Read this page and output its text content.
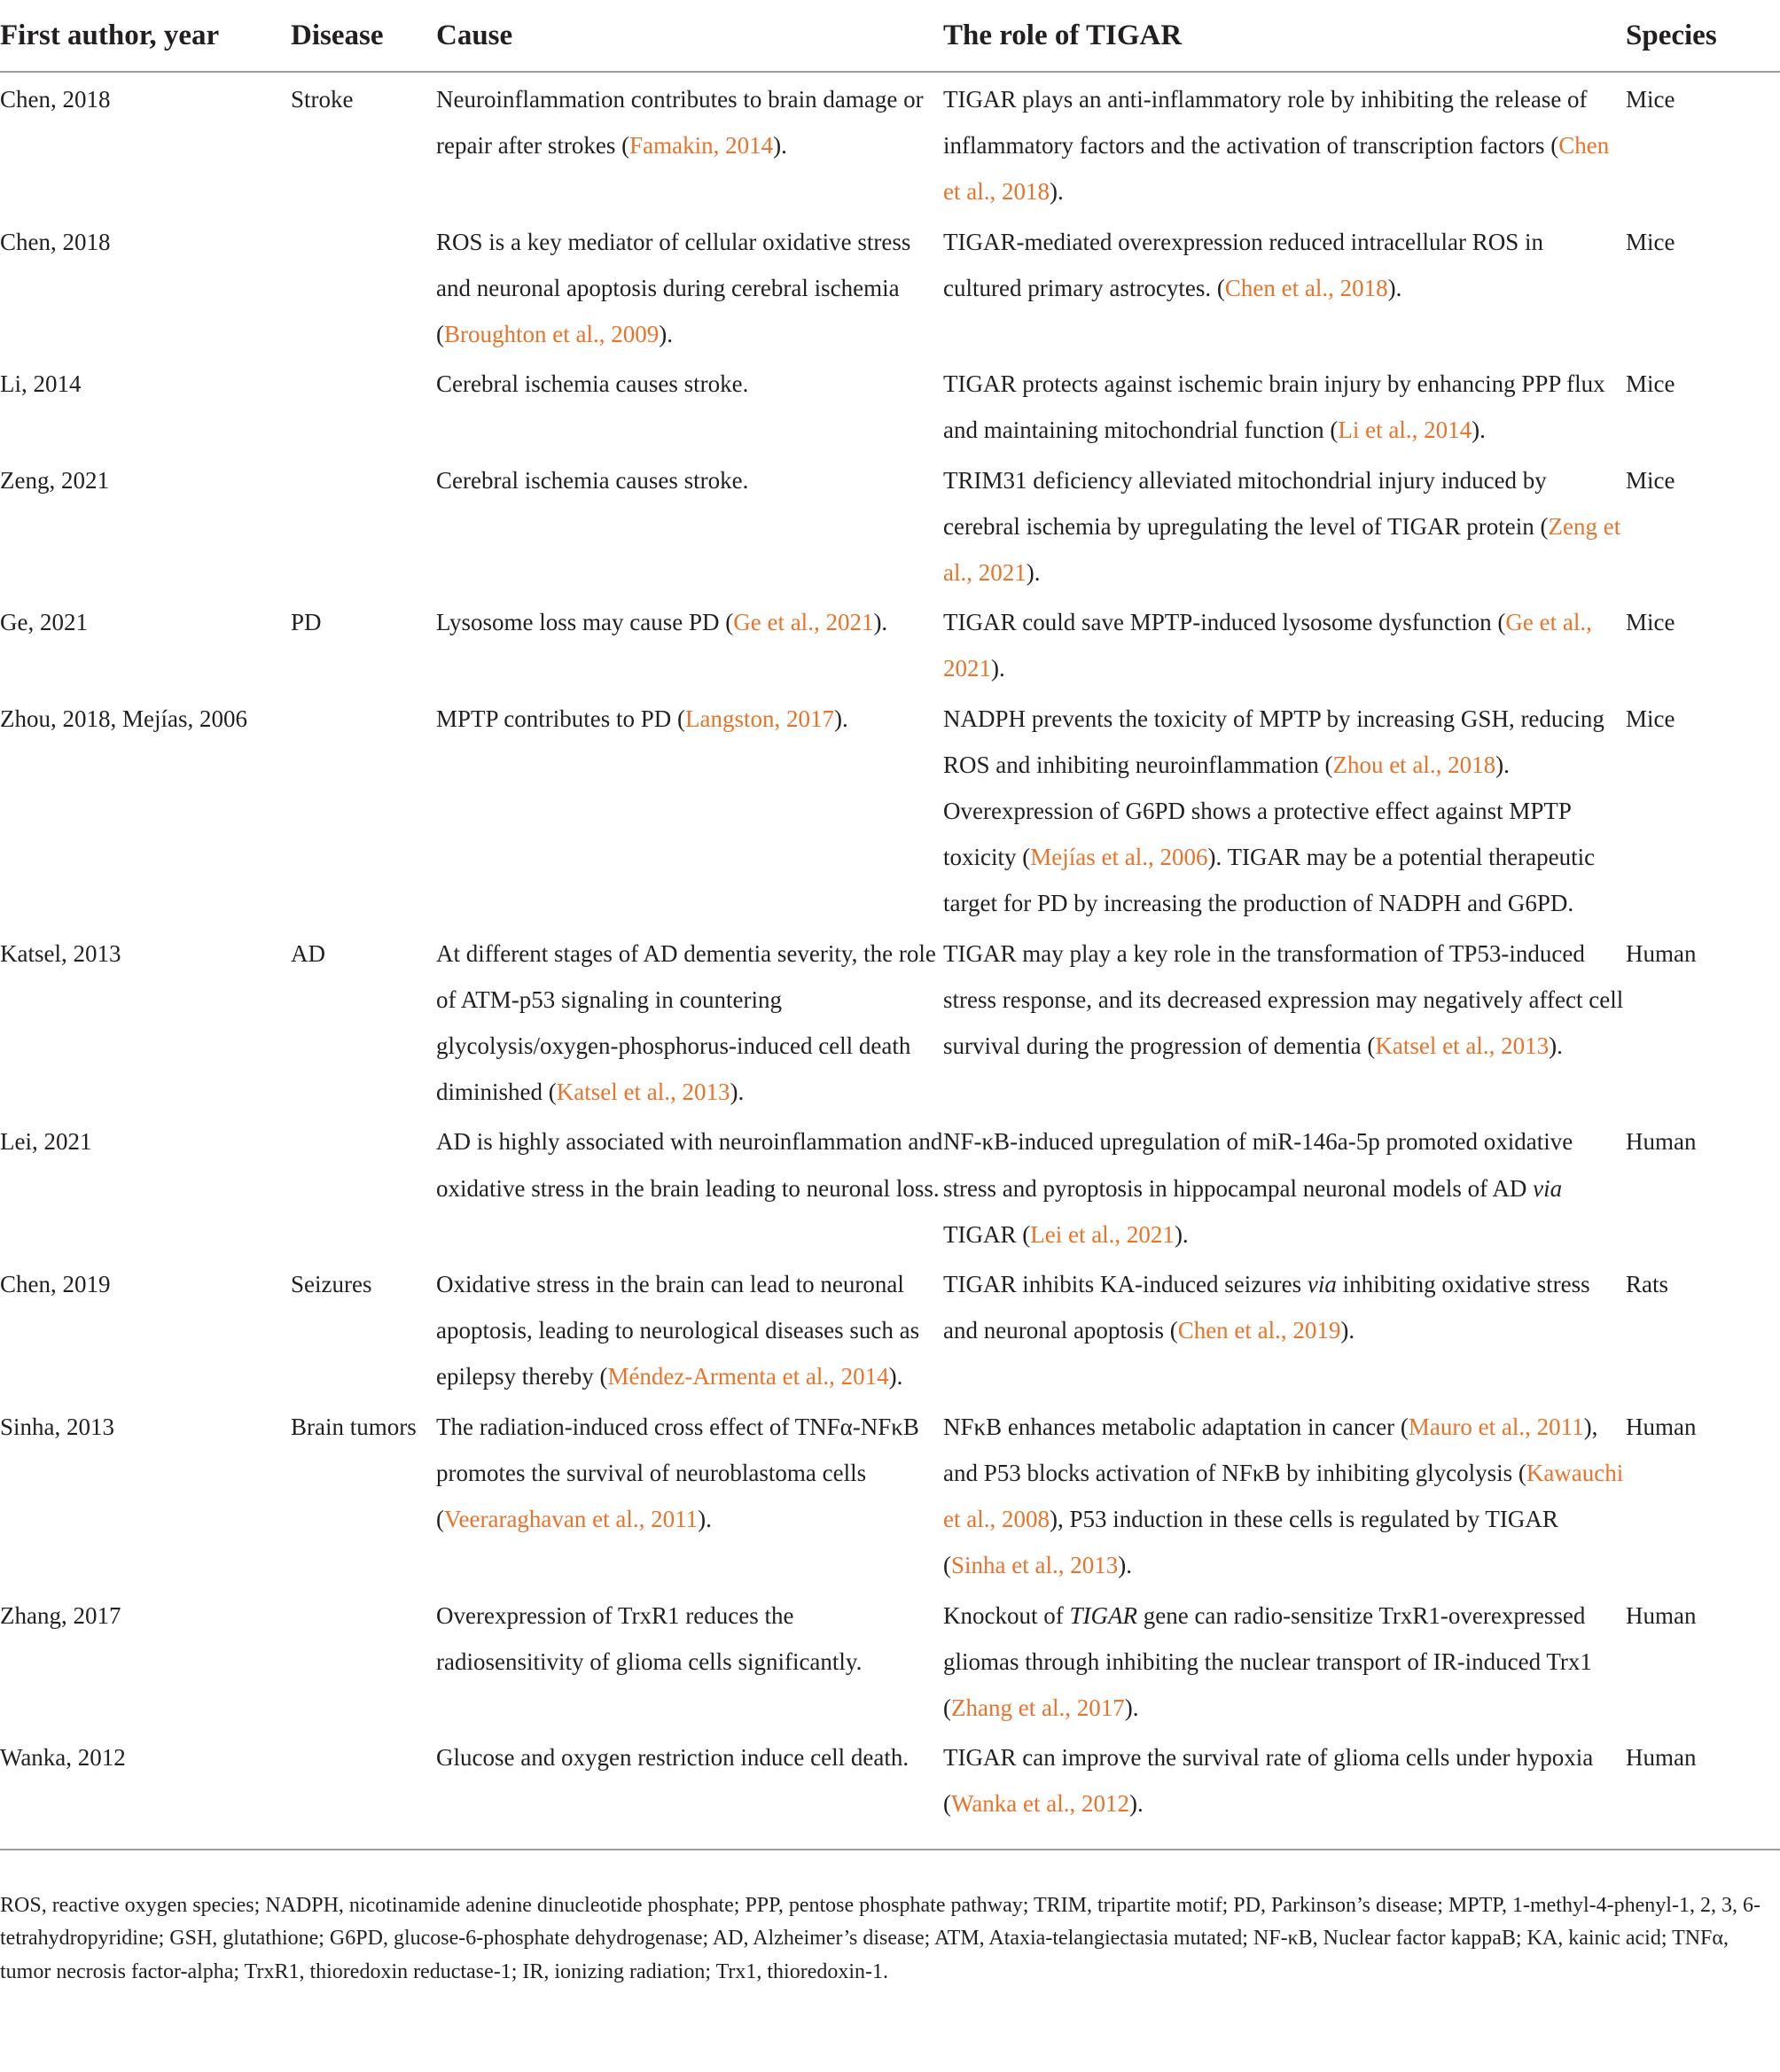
First author, year	Disease	Cause	The role of TIGAR	Species

Chen, 2018	Stroke	Neuroinflammation contributes to brain damage or repair after strokes (Famakin, 2014).	TIGAR plays an anti-inflammatory role by inhibiting the release of inflammatory factors and the activation of transcription factors (Chen et al., 2018).	Mice

Chen, 2018		ROS is a key mediator of cellular oxidative stress and neuronal apoptosis during cerebral ischemia (Broughton et al., 2009).	TIGAR-mediated overexpression reduced intracellular ROS in cultured primary astrocytes. (Chen et al., 2018).	Mice

Li, 2014		Cerebral ischemia causes stroke.	TIGAR protects against ischemic brain injury by enhancing PPP flux and maintaining mitochondrial function (Li et al., 2014).	Mice

Zeng, 2021		Cerebral ischemia causes stroke.	TRIM31 deficiency alleviated mitochondrial injury induced by cerebral ischemia by upregulating the level of TIGAR protein (Zeng et al., 2021).	Mice

Ge, 2021	PD	Lysosome loss may cause PD (Ge et al., 2021).	TIGAR could save MPTP-induced lysosome dysfunction (Ge et al., 2021).	Mice

Zhou, 2018, Mejías, 2006		MPTP contributes to PD (Langston, 2017).	NADPH prevents the toxicity of MPTP by increasing GSH, reducing ROS and inhibiting neuroinflammation (Zhou et al., 2018). Overexpression of G6PD shows a protective effect against MPTP toxicity (Mejías et al., 2006). TIGAR may be a potential therapeutic target for PD by increasing the production of NADPH and G6PD.	Mice

Katsel, 2013	AD	At different stages of AD dementia severity, the role of ATM-p53 signaling in countering glycolysis/oxygen-phosphorus-induced cell death diminished (Katsel et al., 2013).	TIGAR may play a key role in the transformation of TP53-induced stress response, and its decreased expression may negatively affect cell survival during the progression of dementia (Katsel et al., 2013).	Human

Lei, 2021		AD is highly associated with neuroinflammation and oxidative stress in the brain leading to neuronal loss.	NF-κB-induced upregulation of miR-146a-5p promoted oxidative stress and pyroptosis in hippocampal neuronal models of AD via TIGAR (Lei et al., 2021).	Human

Chen, 2019	Seizures	Oxidative stress in the brain can lead to neuronal apoptosis, leading to neurological diseases such as epilepsy thereby (Méndez-Armenta et al., 2014).	TIGAR inhibits KA-induced seizures via inhibiting oxidative stress and neuronal apoptosis (Chen et al., 2019).	Rats

Sinha, 2013	Brain tumors	The radiation-induced cross effect of TNFα-NFκB promotes the survival of neuroblastoma cells (Veeraraghavan et al., 2011).	NFκB enhances metabolic adaptation in cancer (Mauro et al., 2011), and P53 blocks activation of NFκB by inhibiting glycolysis (Kawauchi et al., 2008), P53 induction in these cells is regulated by TIGAR (Sinha et al., 2013).	Human

Zhang, 2017		Overexpression of TrxR1 reduces the radiosensitivity of glioma cells significantly.	Knockout of TIGAR gene can radio-sensitize TrxR1-overexpressed gliomas through inhibiting the nuclear transport of IR-induced Trx1 (Zhang et al., 2017).	Human

Wanka, 2012		Glucose and oxygen restriction induce cell death.	TIGAR can improve the survival rate of glioma cells under hypoxia (Wanka et al., 2012).	Human
ROS, reactive oxygen species; NADPH, nicotinamide adenine dinucleotide phosphate; PPP, pentose phosphate pathway; TRIM, tripartite motif; PD, Parkinson’s disease; MPTP, 1-methyl-4-phenyl-1, 2, 3, 6-tetrahydropyridine; GSH, glutathione; G6PD, glucose-6-phosphate dehydrogenase; AD, Alzheimer’s disease; ATM, Ataxia-telangiectasia mutated; NF-κB, Nuclear factor kappaB; KA, kainic acid; TNFα, tumor necrosis factor-alpha; TrxR1, thioredoxin reductase-1; IR, ionizing radiation; Trx1, thioredoxin-1.
